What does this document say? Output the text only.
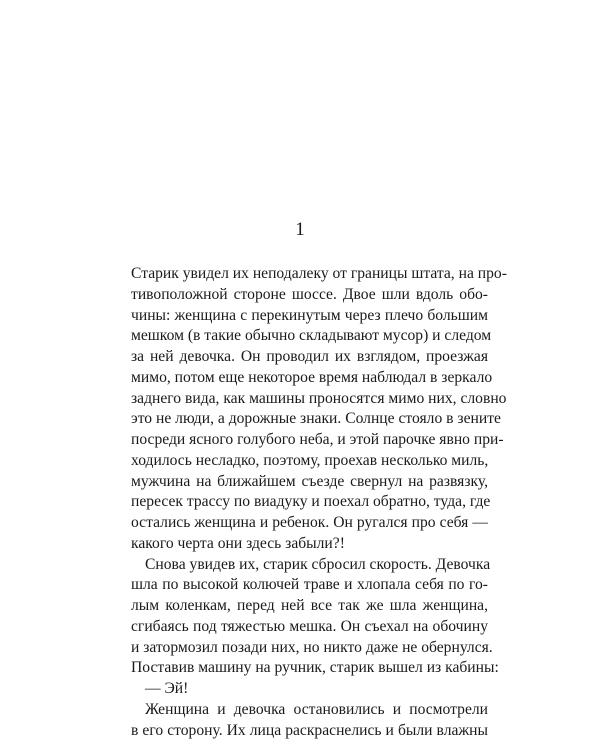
1
Старик увидел их неподалеку от границы штата, на про-
тивоположной стороне шоссе. Двое шли вдоль обо-
чины: женщина с перекинутым через плечо большим
мешком (в такие обычно складывают мусор) и следом
за ней девочка. Он проводил их взглядом, проезжая
мимо, потом еще некоторое время наблюдал в зеркало
заднего вида, как машины проносятся мимо них, словно
это не люди, а дорожные знаки. Солнце стояло в зените
посреди ясного голубого неба, и этой парочке явно при-
ходилось несладко, поэтому, проехав несколько миль,
мужчина на ближайшем съезде свернул на развязку,
пересек трассу по виадуку и поехал обратно, туда, где
остались женщина и ребенок. Он ругался про себя —
какого черта они здесь забыли?!
Снова увидев их, старик сбросил скорость. Девочка
шла по высокой колючей траве и хлопала себя по го-
лым коленкам, перед ней все так же шла женщина,
сгибаясь под тяжестью мешка. Он съехал на обочину
и затормозил позади них, но никто даже не обернулся.
Поставив машину на ручник, старик вышел из кабины:
— Эй!
Женщина и девочка остановились и посмотрели
в его сторону. Их лица раскраснелись и были влажны
